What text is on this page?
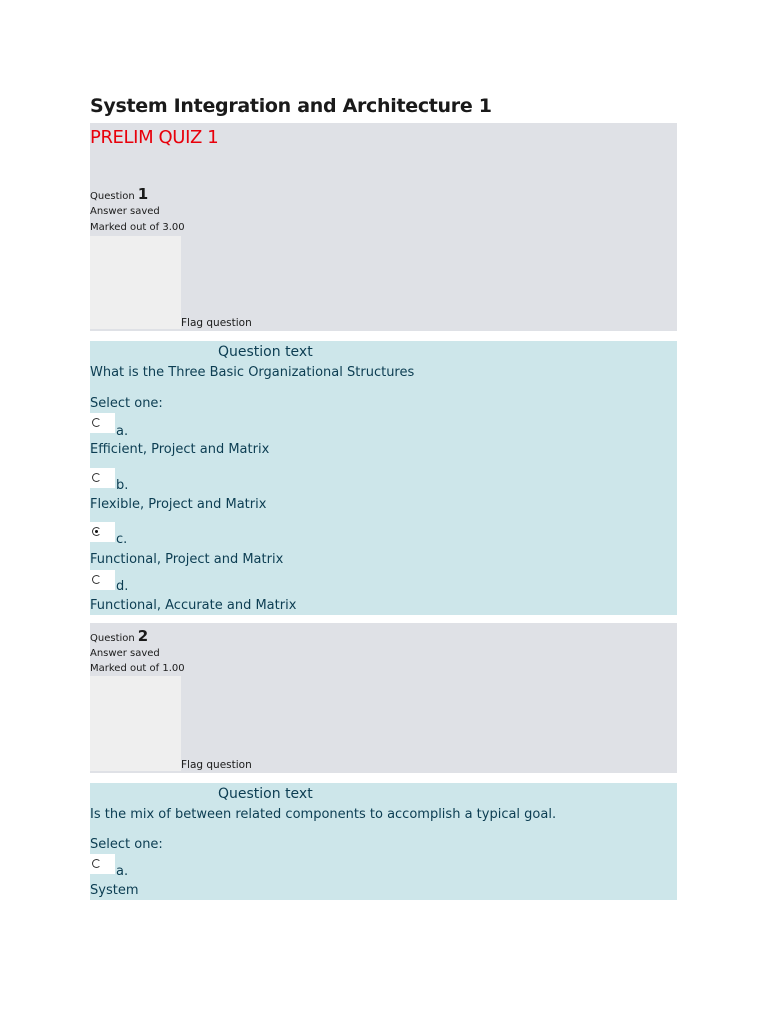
System Integration and Architecture 1
PRELIM QUIZ 1
Question 1
Answer saved
Marked out of 3.00
Flag question
Question text
What is the Three Basic Organizational Structures
Select one:
a.
Efficient, Project and Matrix
b.
Flexible, Project and Matrix
c.
Functional, Project and Matrix
d.
Functional, Accurate and Matrix
Question 2
Answer saved
Marked out of 1.00
Flag question
Question text
Is the mix of between related components to accomplish a typical goal.
Select one:
a.
System
